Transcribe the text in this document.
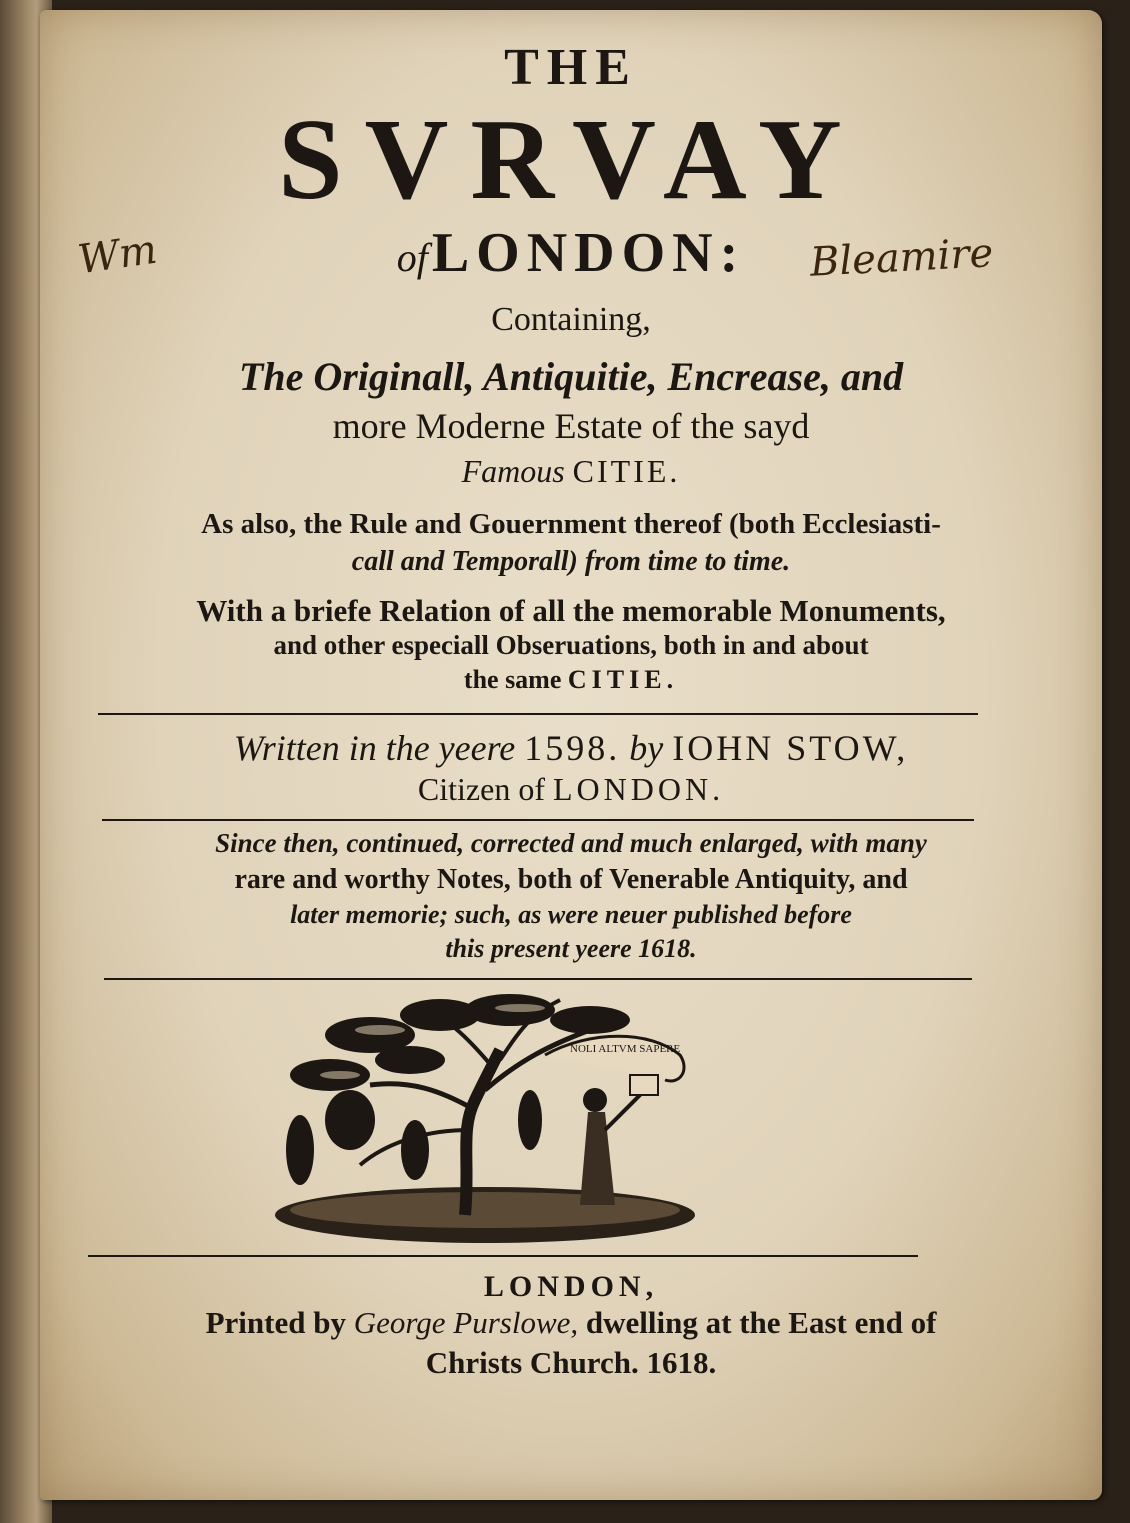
THE
SVRVAY
ofLONDON:
Wm	Bleamire
Containing,
The Originall, Antiquitie, Encrease, and
more Moderne Estate of the sayd
Famous CITIE.
As also, the Rule and Gouernment thereof (both Ecclesiasti-
call and Temporall) from time to time.
With a briefe Relation of all the memorable Monuments,
and other especiall Obseruations, both in and about
the same CITIE.
Written in the yeere 1598. by IOHN STOW,
Citizen of LONDON.
Since then, continued, corrected and much enlarged, with many
rare and worthy Notes, both of Venerable Antiquity, and
later memorie; such, as were neuer published before
this present yeere 1618.
NOLI ALTVM SAPERE
LONDON,
Printed by George Purslowe, dwelling at the East end of
Christs Church. 1618.
